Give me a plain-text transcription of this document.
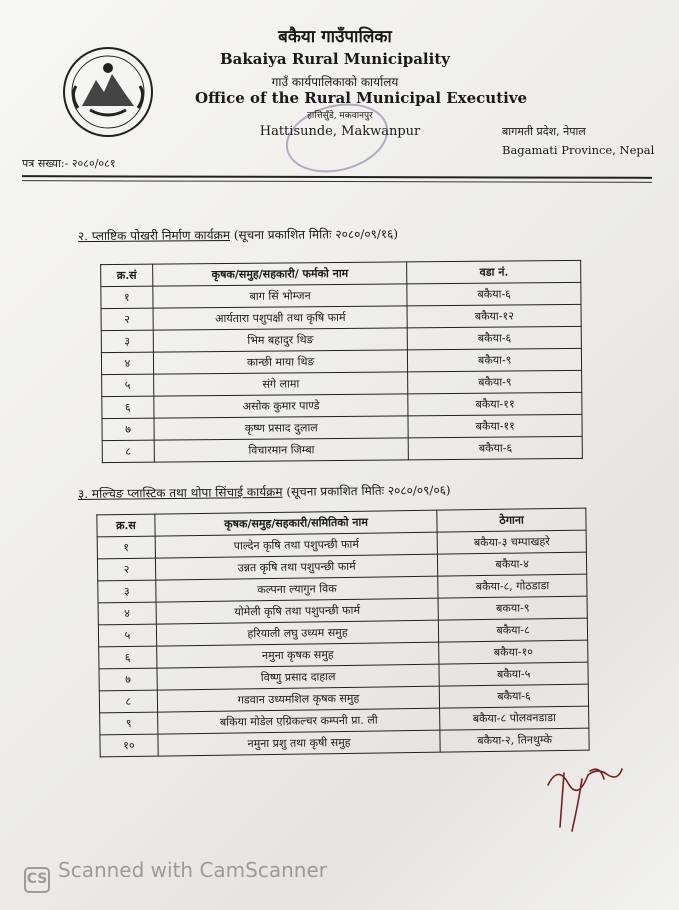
बकैया गाउँपालिका
Bakaiya Rural Municipality
गाउँ कार्यपालिकाको कार्यालय
Office of the Rural Municipal Executive
हात्तिसुँडे, मकवानपुर
Hattisunde, Makwanpur	बागमती प्रदेश, नेपाल
Bagamati Province, Nepal
पत्र सख्या:- २०८०/०८१
२. प्लाष्टिक पोखरी निर्माण कार्यक्रम (सूचना प्रकाशित मितिः २०८०/०९/१६)
क्र.सं	कृषक/समुह/सहकारी/ फर्मको नाम	वडा नं.
१	बाग सिं भोम्जन	बकैया-६
२	आर्यतारा पशुपक्षी तथा कृषि फार्म	बकैया-१२
३	भिम बहादुर थिङ	बकैया-६
४	कान्छी माया थिङ	बकैया-९
५	संगे लामा	बकैया-९
६	असोक कुमार पाण्डे	बकैया-११
७	कृष्ण प्रसाद दुलाल	बकैया-११
८	विचारमान जिम्बा	बकैया-६
३. मल्चिङ प्लास्टिक तथा थोपा सिंचाई कार्यक्रम (सूचना प्रकाशित मितिः २०८०/०९/०६)
क्र.स	कृषक/समुह/सहकारी/समितिको नाम	ठेगाना
१	पाल्देन कृषि तथा पशुपन्छी फार्म	बकैया-३ चम्पाखहरे
२	उन्नत कृषि तथा पशुपन्छी फार्म	बकैया-४
३	कल्पना ल्यागुन विक	बकैया-८, गोठडाडा
४	योमेली कृषि तथा पशुपन्छी फार्म	बकया-९
५	हरियाली लघु उध्यम समुह	बकैया-८
६	नमुना कृषक समुह	बकैया-१०
७	विष्णु प्रसाद दाहाल	बकैया-५
८	गडवान उध्यमशिल कृषक समुह	बकैया-६
९	बकिया मोडेल एग्रिकल्चर कम्पनी प्रा. ली	बकैया-८ पोलवनडाडा
१०	नमुना प्रशु तथा कृषी समुह	बकैया-२, तिनथुम्के
CS Scanned with CamScanner
